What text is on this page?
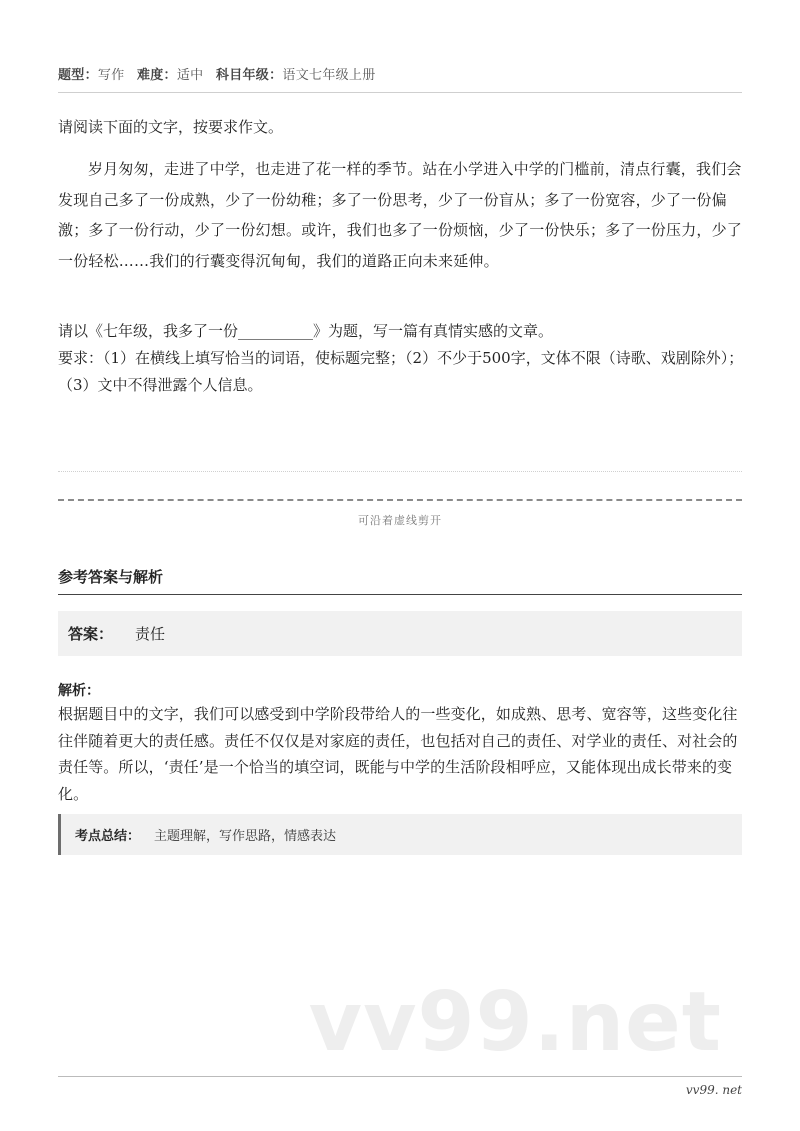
题型：写作 难度：适中 科目年级：语文七年级上册
请阅读下面的文字，按要求作文。
岁月匆匆，走进了中学，也走进了花一样的季节。站在小学进入中学的门槛前，清点行囊，我们会发现自己多了一份成熟，少了一份幼稚；多了一份思考，少了一份盲从；多了一份宽容，少了一份偏激；多了一份行动，少了一份幻想。或许，我们也多了一份烦恼，少了一份快乐；多了一份压力，少了一份轻松……我们的行囊变得沉甸甸，我们的道路正向未来延伸。

请以《七年级，我多了一份__________》为题，写一篇有真情实感的文章。

要求：（1）在横线上填写恰当的词语，使标题完整；（2）不少于500字，文体不限（诗歌、戏剧除外）；（3）文中不得泄露个人信息。

可沿着虚线剪开
参考答案与解析
答案： 责任
解析：
根据题目中的文字，我们可以感受到中学阶段带给人的一些变化，如成熟、思考、宽容等，这些变化往往伴随着更大的责任感。责任不仅仅是对家庭的责任，也包括对自己的责任、对学业的责任、对社会的责任等。所以，‘责任’是一个恰当的填空词，既能与中学的生活阶段相呼应，又能体现出成长带来的变化。
考点总结： 主题理解，写作思路，情感表达
vv99.net
vv99. net
